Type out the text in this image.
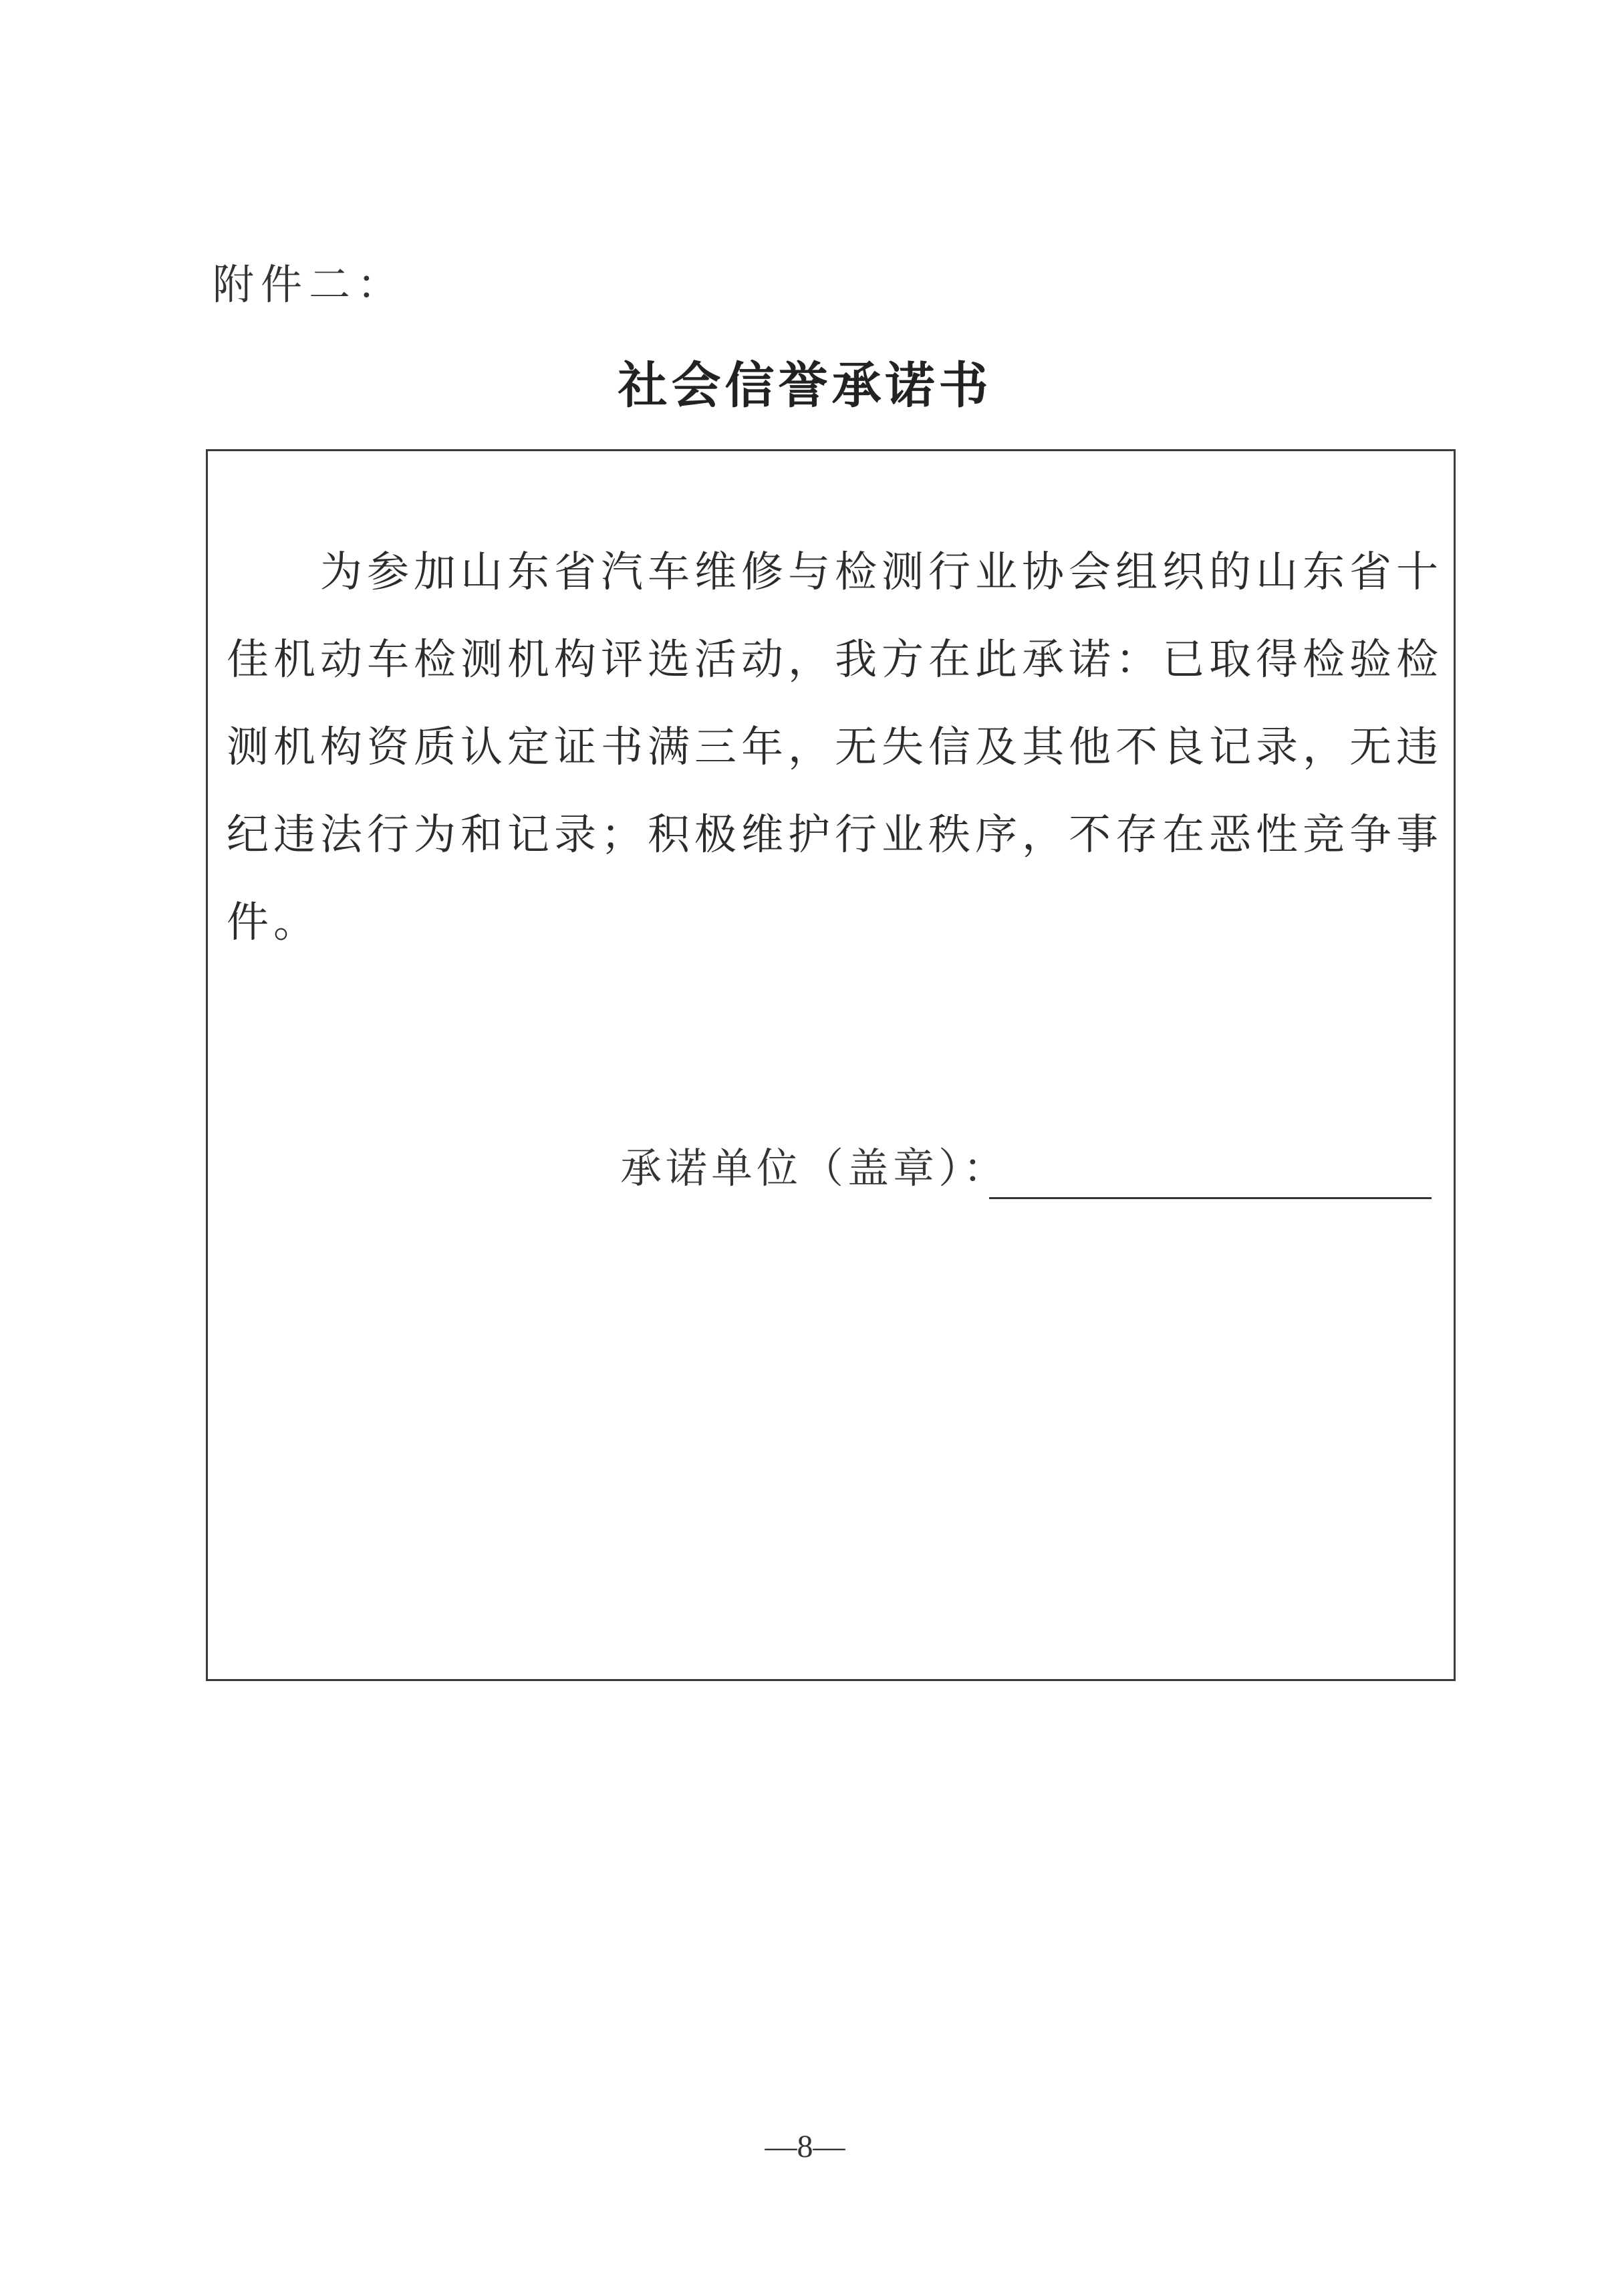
附件二：
社会信誉承诺书

为参加山东省汽车维修与检测行业协会组织的山东省十佳机动车检测机构评选活动，我方在此承诺：已取得检验检测机构资质认定证书满三年，无失信及其他不良记录，无违纪违法行为和记录；积极维护行业秩序，不存在恶性竞争事件。

承诺单位（盖章）：
—8—
